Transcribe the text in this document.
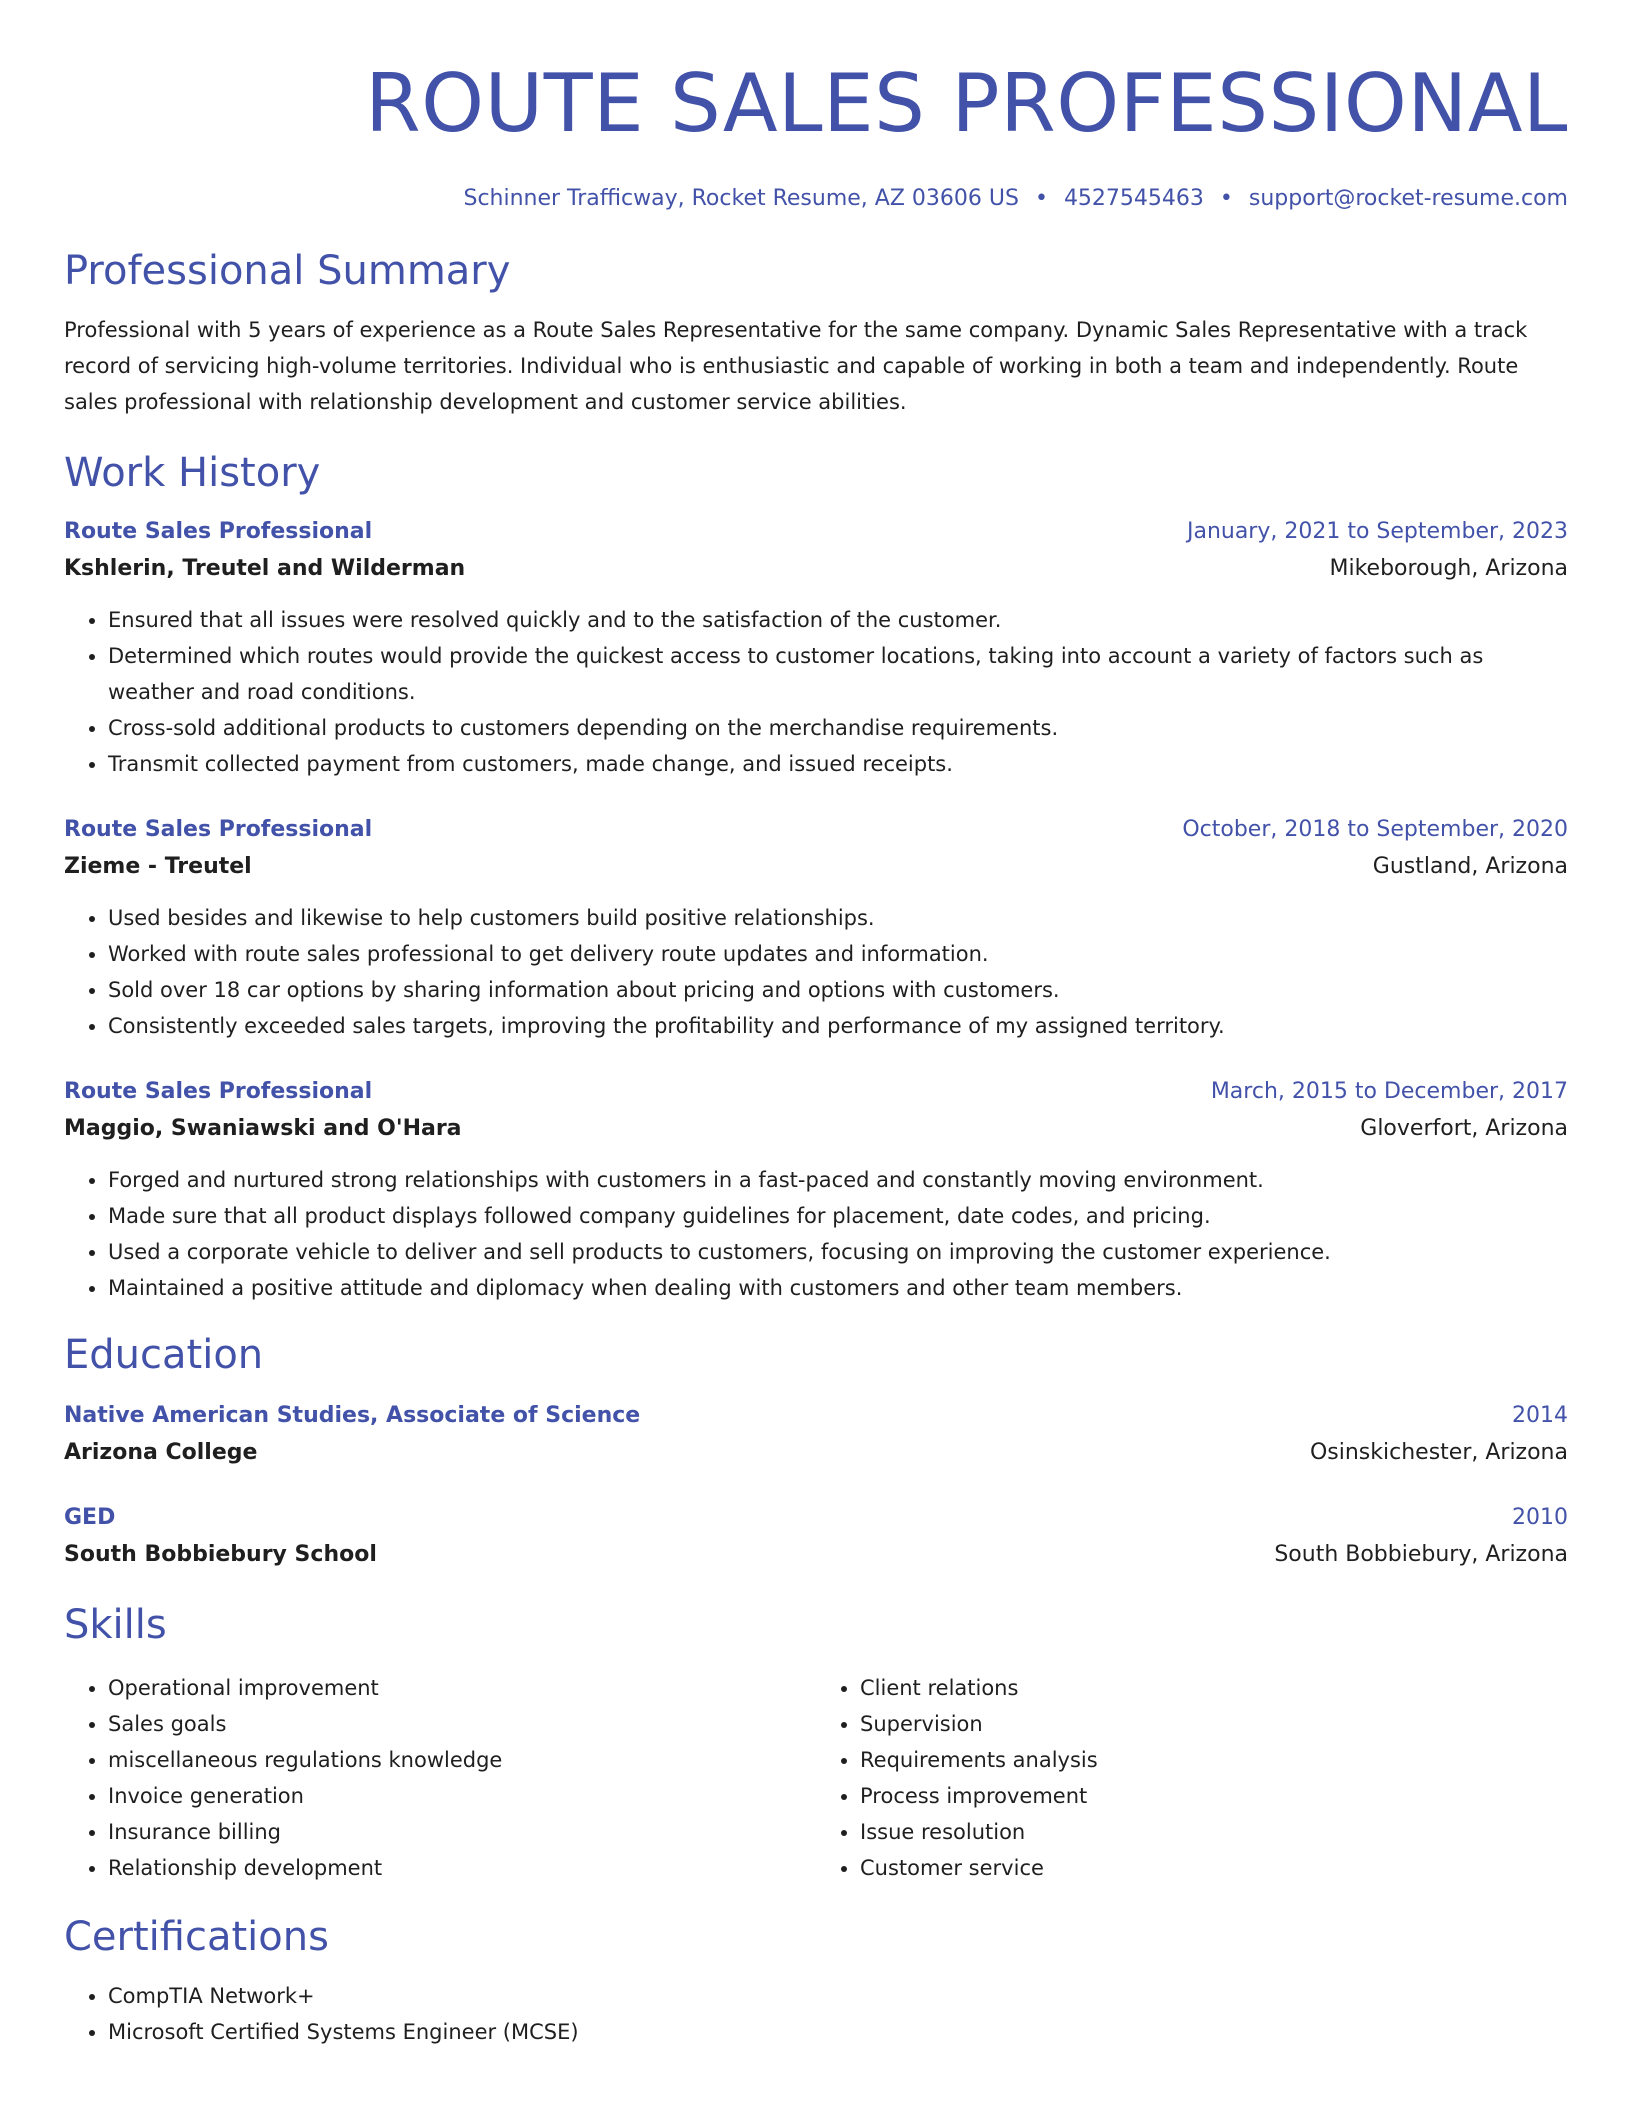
ROUTE SALES PROFESSIONAL
Schinner Trafficway, Rocket Resume, AZ 03606 US • 4527545463 • support@rocket-resume.com
Professional Summary
Professional with 5 years of experience as a Route Sales Representative for the same company. Dynamic Sales Representative with a track record of servicing high-volume territories. Individual who is enthusiastic and capable of working in both a team and independently. Route sales professional with relationship development and customer service abilities.
Work History
Route Sales Professional	January, 2021 to September, 2023
Kshlerin, Treutel and Wilderman	Mikeborough, Arizona
• Ensured that all issues were resolved quickly and to the satisfaction of the customer.
• Determined which routes would provide the quickest access to customer locations, taking into account a variety of factors such as weather and road conditions.
• Cross-sold additional products to customers depending on the merchandise requirements.
• Transmit collected payment from customers, made change, and issued receipts.
Route Sales Professional	October, 2018 to September, 2020
Zieme - Treutel	Gustland, Arizona
• Used besides and likewise to help customers build positive relationships.
• Worked with route sales professional to get delivery route updates and information.
• Sold over 18 car options by sharing information about pricing and options with customers.
• Consistently exceeded sales targets, improving the profitability and performance of my assigned territory.
Route Sales Professional	March, 2015 to December, 2017
Maggio, Swaniawski and O'Hara	Gloverfort, Arizona
• Forged and nurtured strong relationships with customers in a fast-paced and constantly moving environment.
• Made sure that all product displays followed company guidelines for placement, date codes, and pricing.
• Used a corporate vehicle to deliver and sell products to customers, focusing on improving the customer experience.
• Maintained a positive attitude and diplomacy when dealing with customers and other team members.
Education
Native American Studies, Associate of Science	2014
Arizona College	Osinskichester, Arizona
GED	2010
South Bobbiebury School	South Bobbiebury, Arizona
Skills
• Operational improvement
• Sales goals
• miscellaneous regulations knowledge
• Invoice generation
• Insurance billing
• Relationship development
• Client relations
• Supervision
• Requirements analysis
• Process improvement
• Issue resolution
• Customer service
Certifications
• CompTIA Network+
• Microsoft Certified Systems Engineer (MCSE)
